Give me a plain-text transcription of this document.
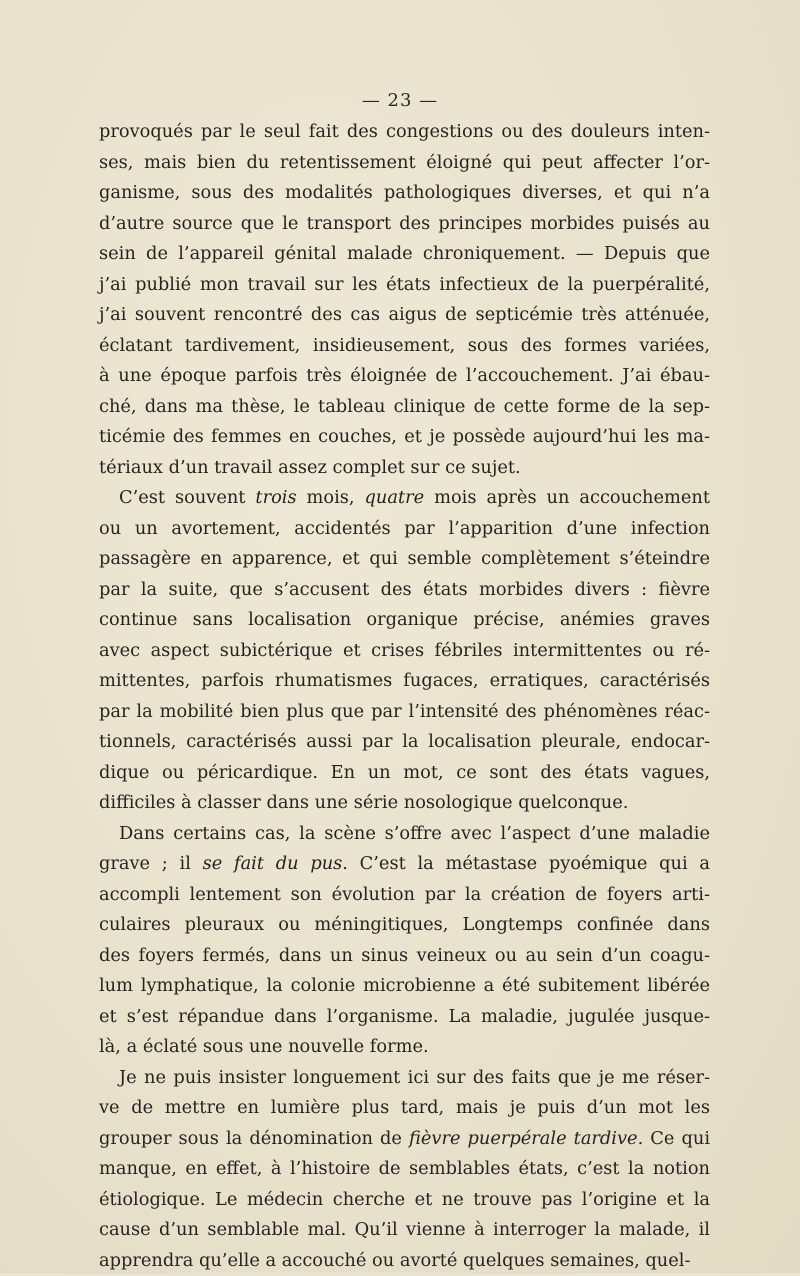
— 23 —
provoqués par le seul fait des congestions ou des douleurs inten-
ses, mais bien du retentissement éloigné qui peut affecter l’or-
ganisme, sous des modalités pathologiques diverses, et qui n’a
d’autre source que le transport des principes morbides puisés au
sein de l’appareil génital malade chroniquement. — Depuis que
j’ai publié mon travail sur les états infectieux de la puerpéralité,
j’ai souvent rencontré des cas aigus de septicémie très atténuée,
éclatant tardivement, insidieusement, sous des formes variées,
à une époque parfois très éloignée de l’accouchement. J’ai ébau-
ché, dans ma thèse, le tableau clinique de cette forme de la sep-
ticémie des femmes en couches, et je possède aujourd’hui les ma-
tériaux d’un travail assez complet sur ce sujet.
C’est souvent trois mois, quatre mois après un accouchement
ou un avortement, accidentés par l’apparition d’une infection
passagère en apparence, et qui semble complètement s’éteindre
par la suite, que s’accusent des états morbides divers : fièvre
continue sans localisation organique précise, anémies graves
avec aspect subictérique et crises fébriles intermittentes ou ré-
mittentes, parfois rhumatismes fugaces, erratiques, caractérisés
par la mobilité bien plus que par l’intensité des phénomènes réac-
tionnels, caractérisés aussi par la localisation pleurale, endocar-
dique ou péricardique. En un mot, ce sont des états vagues,
difficiles à classer dans une série nosologique quelconque.
Dans certains cas, la scène s’offre avec l’aspect d’une maladie
grave ; il se fait du pus. C’est la métastase pyoémique qui a
accompli lentement son évolution par la création de foyers arti-
culaires pleuraux ou méningitiques, Longtemps confinée dans
des foyers fermés, dans un sinus veineux ou au sein d’un coagu-
lum lymphatique, la colonie microbienne a été subitement libérée
et s’est répandue dans l’organisme. La maladie, jugulée jusque-
là, a éclaté sous une nouvelle forme.
Je ne puis insister longuement ici sur des faits que je me réser-
ve de mettre en lumière plus tard, mais je puis d’un mot les
grouper sous la dénomination de fièvre puerpérale tardive. Ce qui
manque, en effet, à l’histoire de semblables états, c’est la notion
étiologique. Le médecin cherche et ne trouve pas l’origine et la
cause d’un semblable mal. Qu’il vienne à interroger la malade, il
apprendra qu’elle a accouché ou avorté quelques semaines, quel-
